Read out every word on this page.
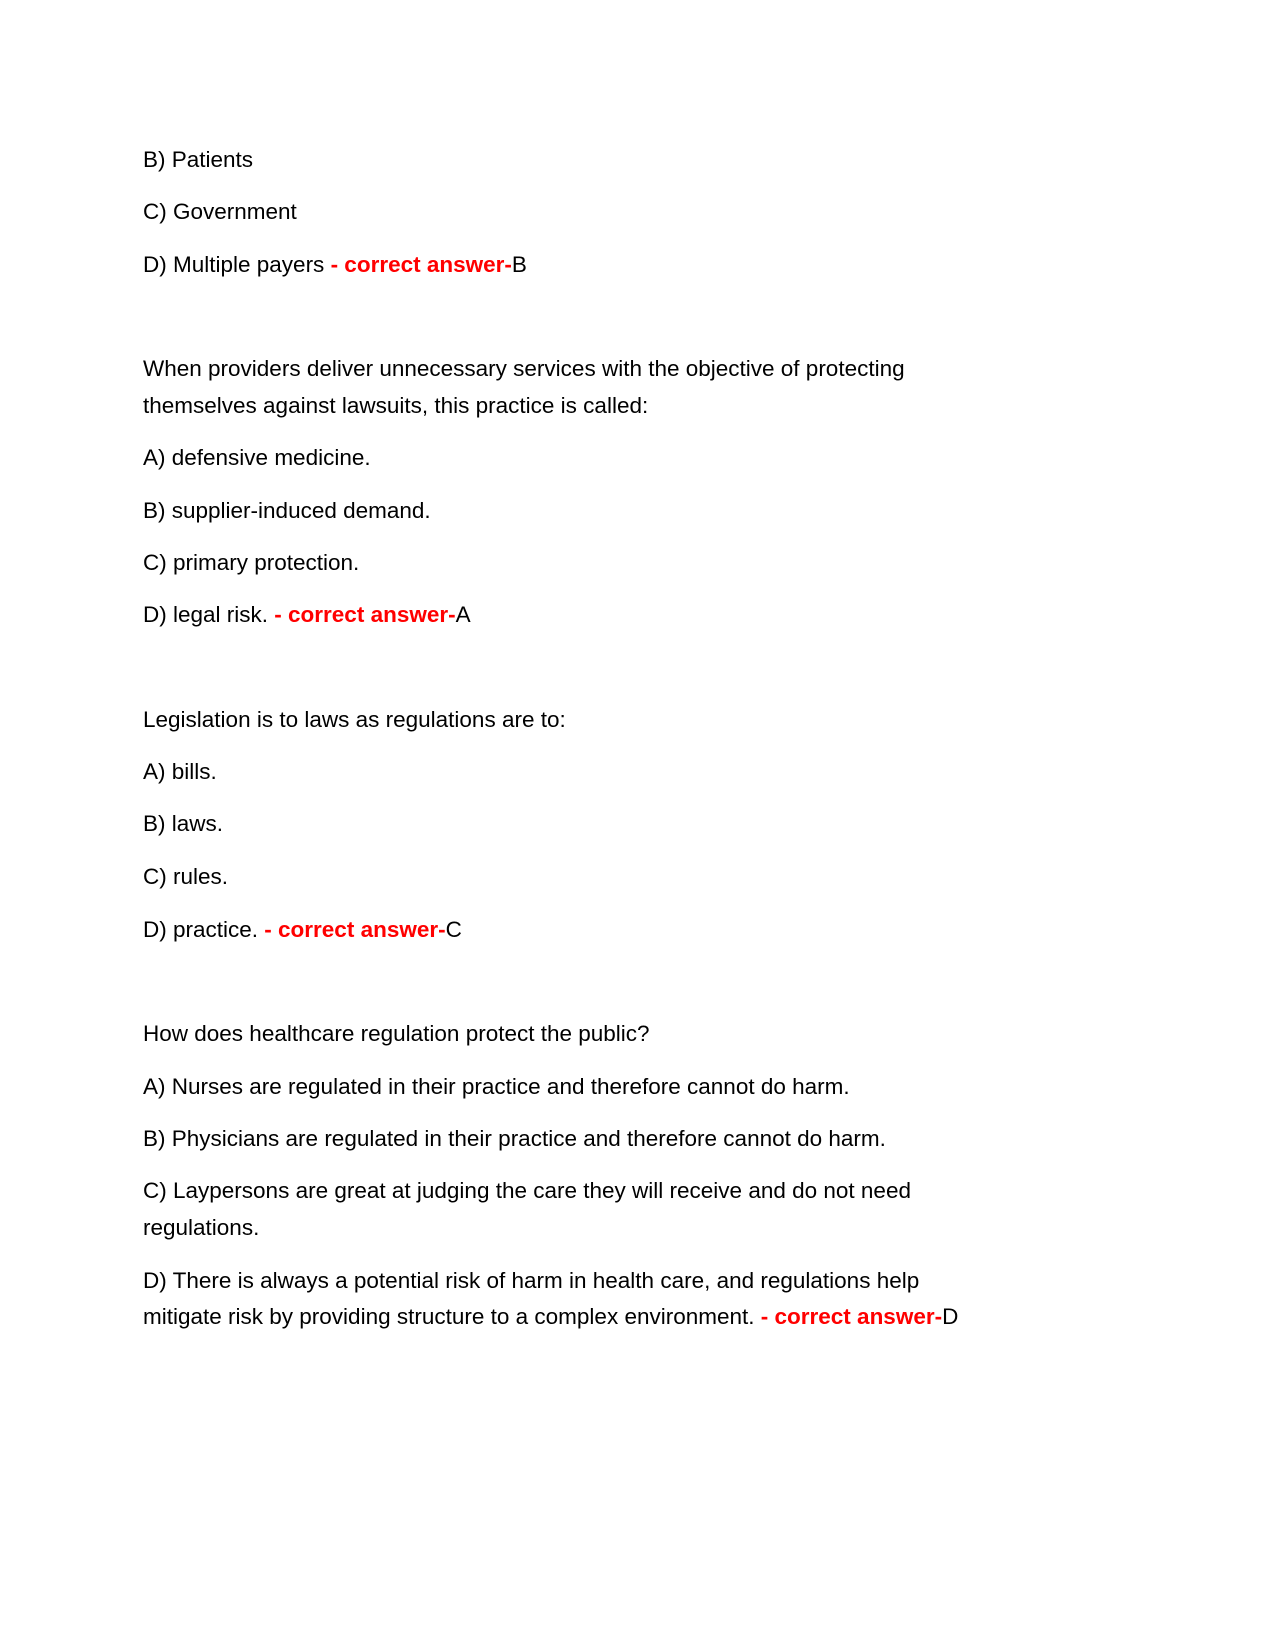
B) Patients
C) Government
D) Multiple payers - correct answer-B
When providers deliver unnecessary services with the objective of protecting
themselves against lawsuits, this practice is called:
A) defensive medicine.
B) supplier-induced demand.
C) primary protection.
D) legal risk. - correct answer-A
Legislation is to laws as regulations are to:
A) bills.
B) laws.
C) rules.
D) practice. - correct answer-C
How does healthcare regulation protect the public?
A) Nurses are regulated in their practice and therefore cannot do harm.
B) Physicians are regulated in their practice and therefore cannot do harm.
C) Laypersons are great at judging the care they will receive and do not need
regulations.
D) There is always a potential risk of harm in health care, and regulations help
mitigate risk by providing structure to a complex environment. - correct answer-D
